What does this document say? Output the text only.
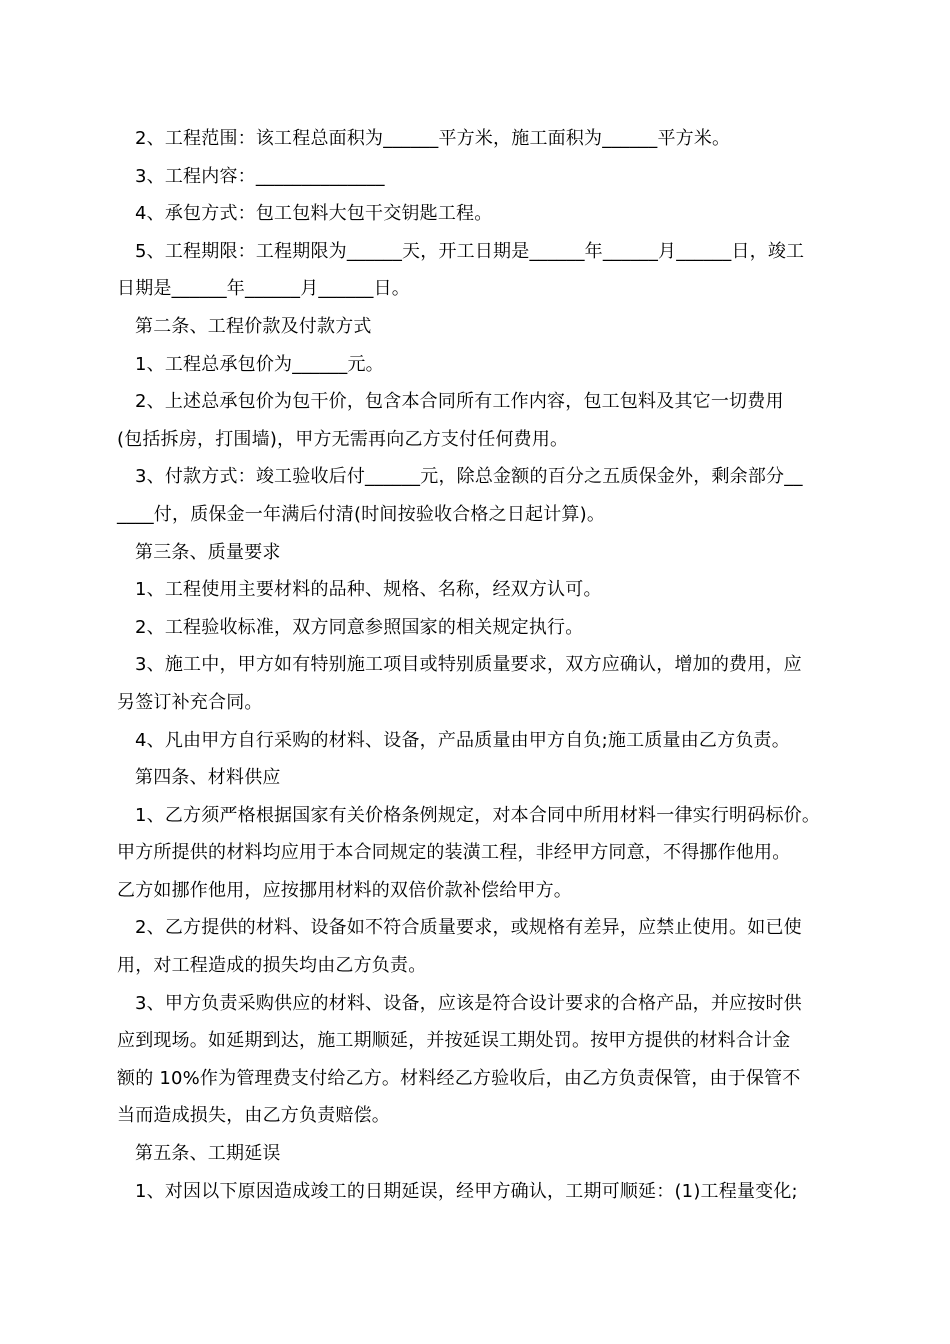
2、工程范围：该工程总面积为______平方米，施工面积为______平方米。
3、工程内容：______________
4、承包方式：包工包料大包干交钥匙工程。
5、工程期限：工程期限为______天，开工日期是______年______月______日，竣工
日期是______年______月______日。
第二条、工程价款及付款方式
1、工程总承包价为______元。
2、上述总承包价为包干价，包含本合同所有工作内容，包工包料及其它一切费用
(包括拆房，打围墙)，甲方无需再向乙方支付任何费用。
3、付款方式：竣工验收后付______元，除总金额的百分之五质保金外，剩余部分__
____付，质保金一年满后付清(时间按验收合格之日起计算)。
第三条、质量要求
1、工程使用主要材料的品种、规格、名称，经双方认可。
2、工程验收标准，双方同意参照国家的相关规定执行。
3、施工中，甲方如有特别施工项目或特别质量要求，双方应确认，增加的费用，应
另签订补充合同。
4、凡由甲方自行采购的材料、设备，产品质量由甲方自负;施工质量由乙方负责。
第四条、材料供应
1、乙方须严格根据国家有关价格条例规定，对本合同中所用材料一律实行明码标价。
甲方所提供的材料均应用于本合同规定的装潢工程，非经甲方同意，不得挪作他用。
乙方如挪作他用，应按挪用材料的双倍价款补偿给甲方。
2、乙方提供的材料、设备如不符合质量要求，或规格有差异，应禁止使用。如已使
用，对工程造成的损失均由乙方负责。
3、甲方负责采购供应的材料、设备，应该是符合设计要求的合格产品，并应按时供
应到现场。如延期到达，施工期顺延，并按延误工期处罚。按甲方提供的材料合计金
额的 10%作为管理费支付给乙方。材料经乙方验收后，由乙方负责保管，由于保管不
当而造成损失，由乙方负责赔偿。
第五条、工期延误
1、对因以下原因造成竣工的日期延误，经甲方确认，工期可顺延：(1)工程量变化;
